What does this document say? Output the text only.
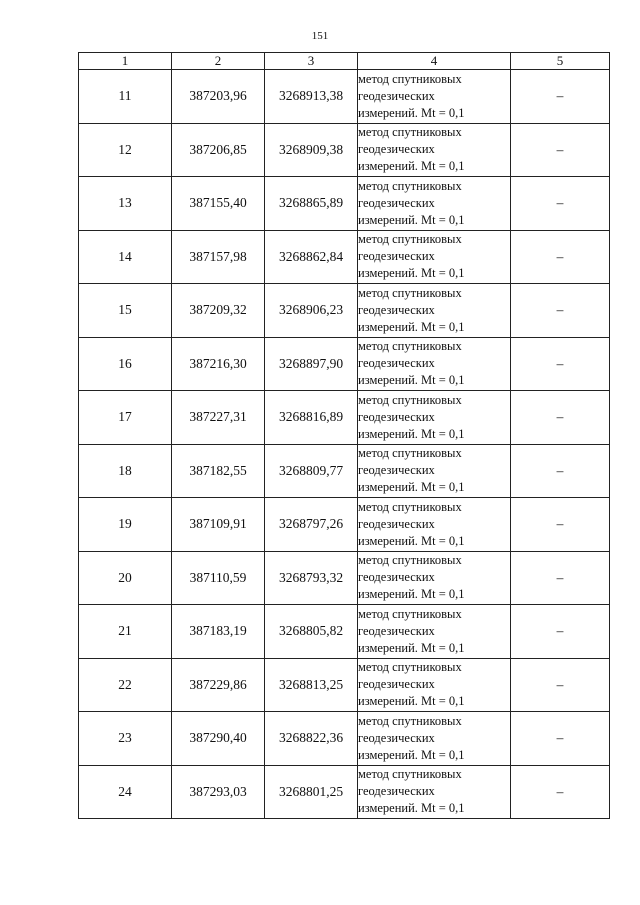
151
1	2	3	4	5
11	387203,96	3268913,38	метод спутниковых
геодезических
измерений. Mt = 0,1	–
12	387206,85	3268909,38	метод спутниковых
геодезических
измерений. Mt = 0,1	–
13	387155,40	3268865,89	метод спутниковых
геодезических
измерений. Mt = 0,1	–
14	387157,98	3268862,84	метод спутниковых
геодезических
измерений. Mt = 0,1	–
15	387209,32	3268906,23	метод спутниковых
геодезических
измерений. Mt = 0,1	–
16	387216,30	3268897,90	метод спутниковых
геодезических
измерений. Mt = 0,1	–
17	387227,31	3268816,89	метод спутниковых
геодезических
измерений. Mt = 0,1	–
18	387182,55	3268809,77	метод спутниковых
геодезических
измерений. Mt = 0,1	–
19	387109,91	3268797,26	метод спутниковых
геодезических
измерений. Mt = 0,1	–
20	387110,59	3268793,32	метод спутниковых
геодезических
измерений. Mt = 0,1	–
21	387183,19	3268805,82	метод спутниковых
геодезических
измерений. Mt = 0,1	–
22	387229,86	3268813,25	метод спутниковых
геодезических
измерений. Mt = 0,1	–
23	387290,40	3268822,36	метод спутниковых
геодезических
измерений. Mt = 0,1	–
24	387293,03	3268801,25	метод спутниковых
геодезических
измерений. Mt = 0,1	–
